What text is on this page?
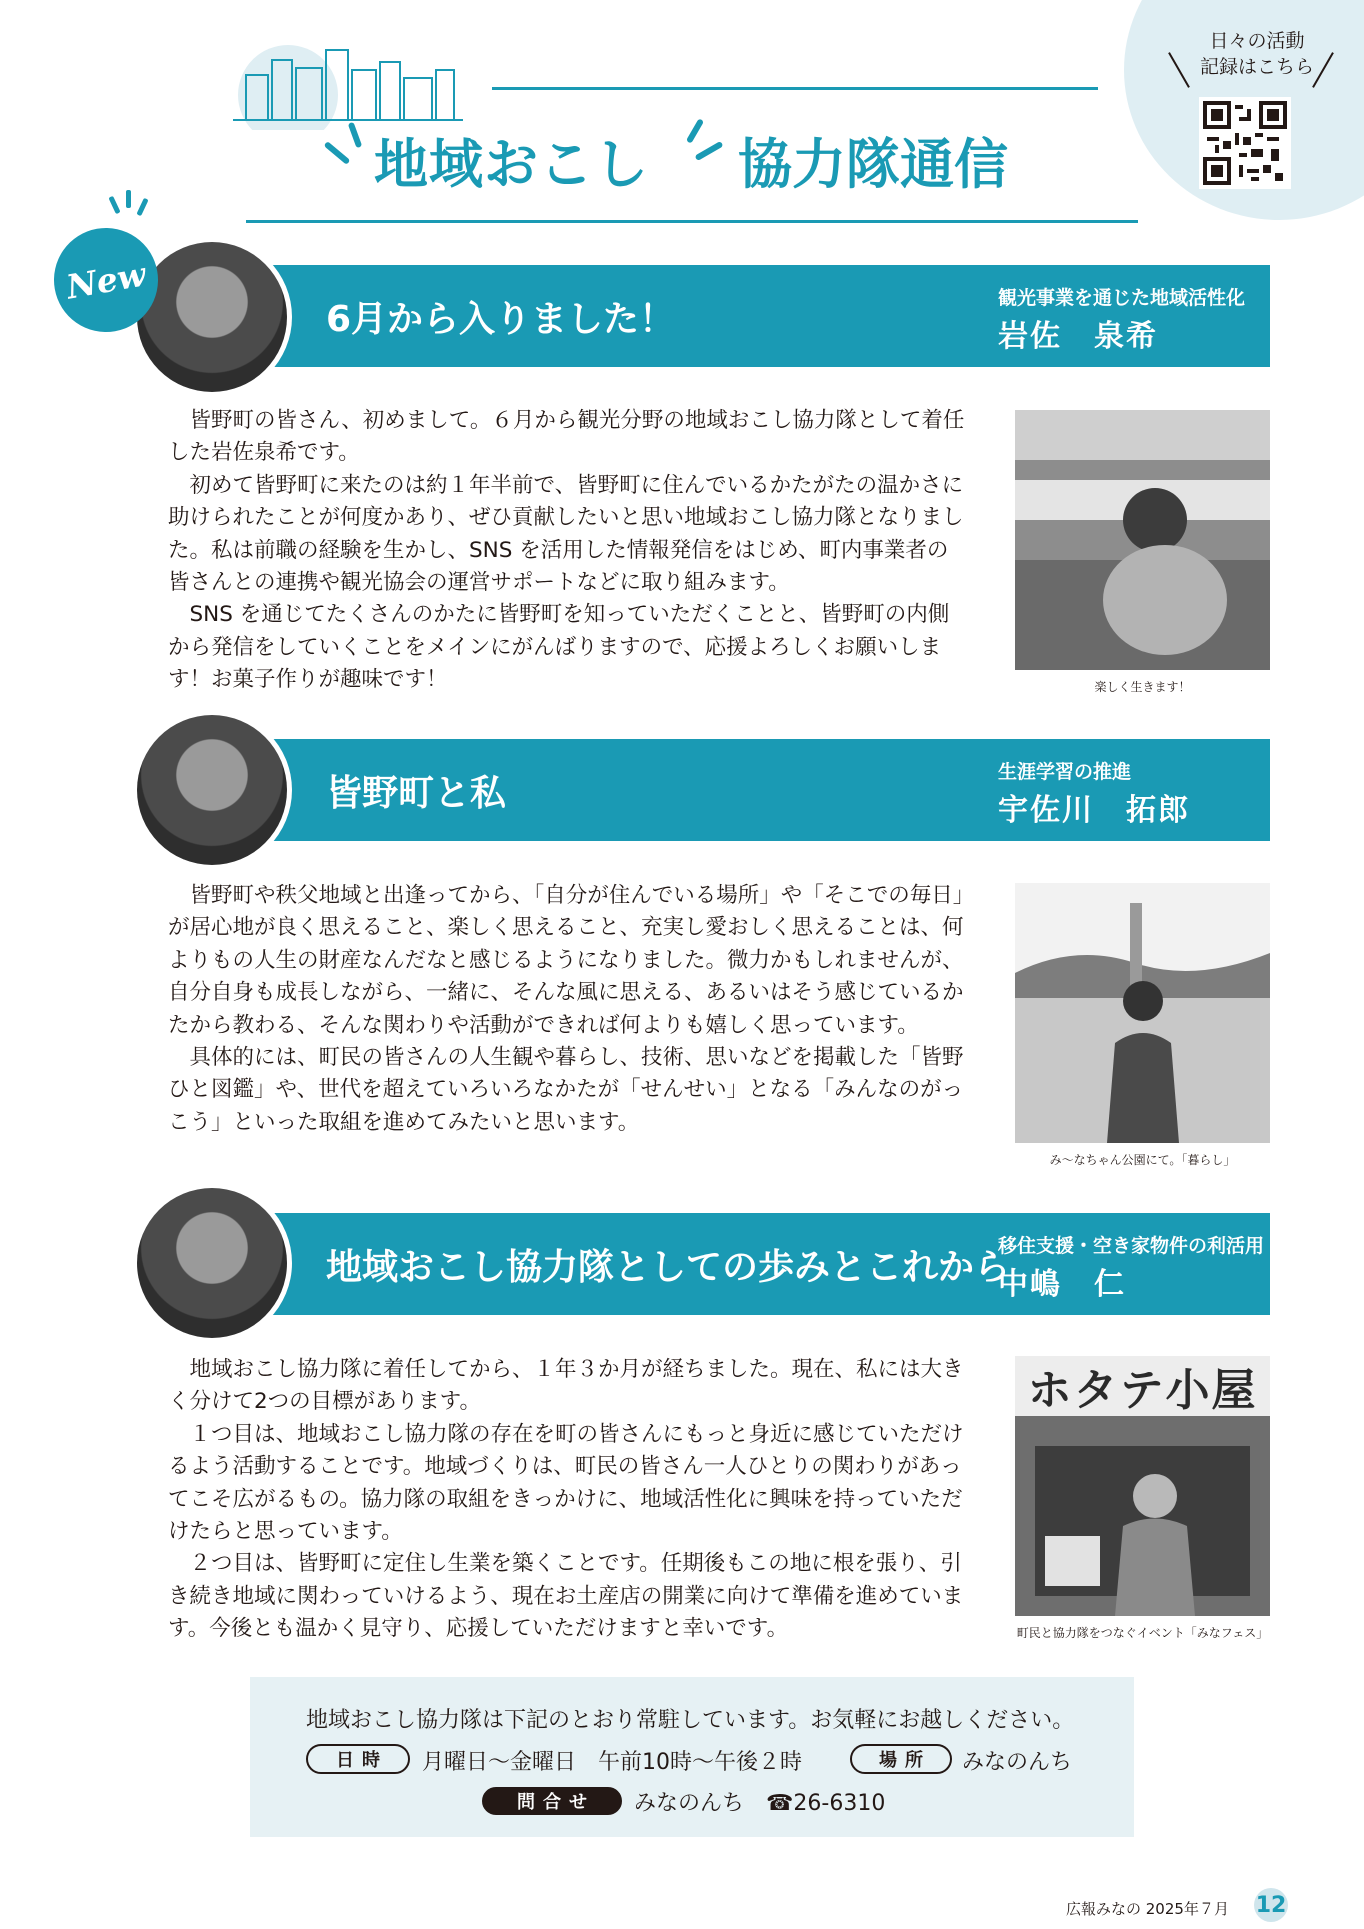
日々の活動
記録はこちら
地域おこし 協力隊通信
6月から入りました！
観光事業を通じた地域活性化
岩佐　泉希
New

皆野町の皆さん、初めまして。６月から観光分野の地域おこし協力隊として着任した岩佐泉希です。

初めて皆野町に来たのは約１年半前で、皆野町に住んでいるかたがたの温かさに助けられたことが何度かあり、ぜひ貢献したいと思い地域おこし協力隊となりました。私は前職の経験を生かし、SNS を活用した情報発信をはじめ、町内事業者の皆さんとの連携や観光協会の運営サポートなどに取り組みます。

SNS を通じてたくさんのかたに皆野町を知っていただくことと、皆野町の内側から発信をしていくことをメインにがんばりますので、応援よろしくお願いします！お菓子作りが趣味です！	楽しく生きます！
皆野町と私
生涯学習の推進
宇佐川　拓郎

皆野町や秩父地域と出逢ってから、「自分が住んでいる場所」や「そこでの毎日」が居心地が良く思えること、楽しく思えること、充実し愛おしく思えることは、何よりもの人生の財産なんだなと感じるようになりました。微力かもしれませんが、自分自身も成長しながら、一緒に、そんな風に思える、あるいはそう感じているかたから教わる、そんな関わりや活動ができれば何よりも嬉しく思っています。

具体的には、町民の皆さんの人生観や暮らし、技術、思いなどを掲載した「皆野ひと図鑑」や、世代を超えていろいろなかたが「せんせい」となる「みんなのがっこう」といった取組を進めてみたいと思います。

み〜なちゃん公園にて。「暮らし」
地域おこし協力隊としての歩みとこれから
移住支援・空き家物件の利活用
中嶋　仁

地域おこし協力隊に着任してから、１年３か月が経ちました。現在、私には大きく分けて2つの目標があります。

１つ目は、地域おこし協力隊の存在を町の皆さんにもっと身近に感じていただけるよう活動することです。地域づくりは、町民の皆さん一人ひとりの関わりがあってこそ広がるもの。協力隊の取組をきっかけに、地域活性化に興味を持っていただけたらと思っています。

２つ目は、皆野町に定住し生業を築くことです。任期後もこの地に根を張り、引き続き地域に関わっていけるよう、現在お土産店の開業に向けて準備を進めています。今後とも温かく見守り、応援していただけますと幸いです。

ホタテ小屋
町民と協力隊をつなぐイベント「みなフェス」
地域おこし協力隊は下記のとおり常駐しています。お気軽にお越しください。
日時	月曜日～金曜日　午前10時～午後２時	場所	みなのんち
問合せ	みなのんち　☎26-6310
広報みなの 2025年７月 12
